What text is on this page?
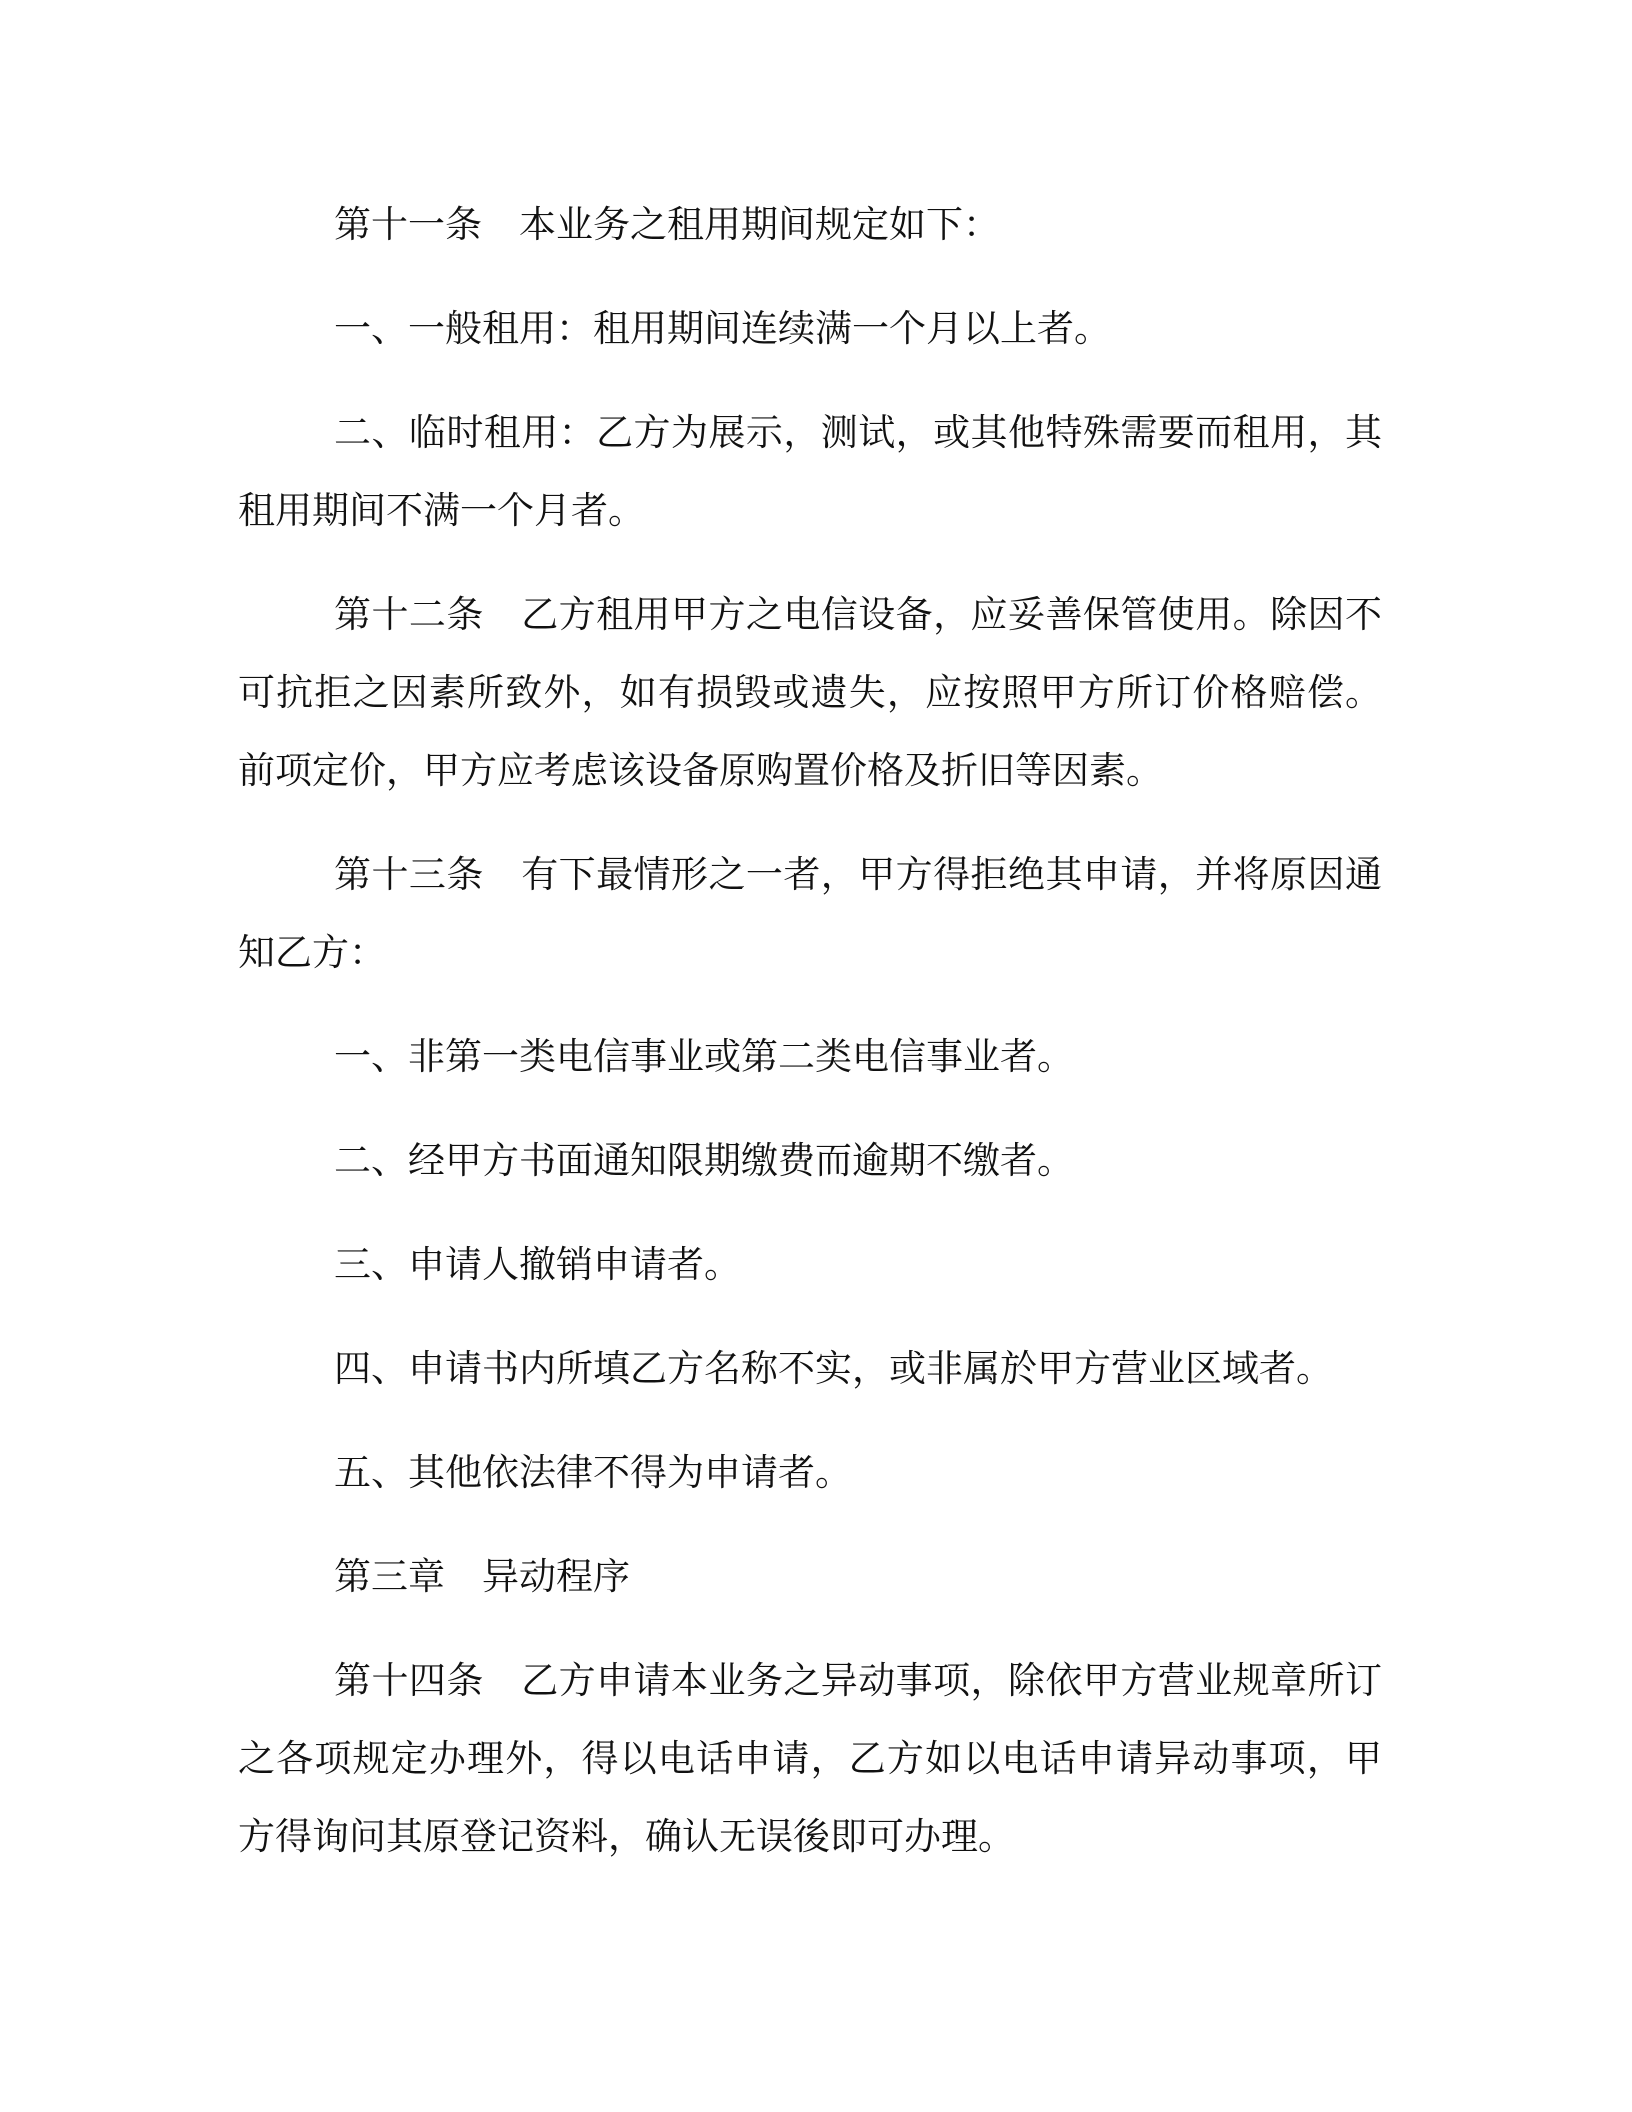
第十一条　本业务之租用期间规定如下：

一、一般租用：租用期间连续满一个月以上者。

二、临时租用：乙方为展示，测试，或其他特殊需要而租用，其租用期间不满一个月者。

第十二条　乙方租用甲方之电信设备，应妥善保管使用。除因不可抗拒之因素所致外，如有损毁或遗失，应按照甲方所订价格赔偿。前项定价，甲方应考虑该设备原购置价格及折旧等因素。

第十三条　有下最情形之一者，甲方得拒绝其申请，并将原因通知乙方：

一、非第一类电信事业或第二类电信事业者。

二、经甲方书面通知限期缴费而逾期不缴者。

三、申请人撤销申请者。

四、申请书内所填乙方名称不实，或非属於甲方营业区域者。

五、其他依法律不得为申请者。

第三章　异动程序

第十四条　乙方申请本业务之异动事项，除依甲方营业规章所订之各项规定办理外，得以电话申请，乙方如以电话申请异动事项，甲方得询问其原登记资料，确认无误後即可办理。
